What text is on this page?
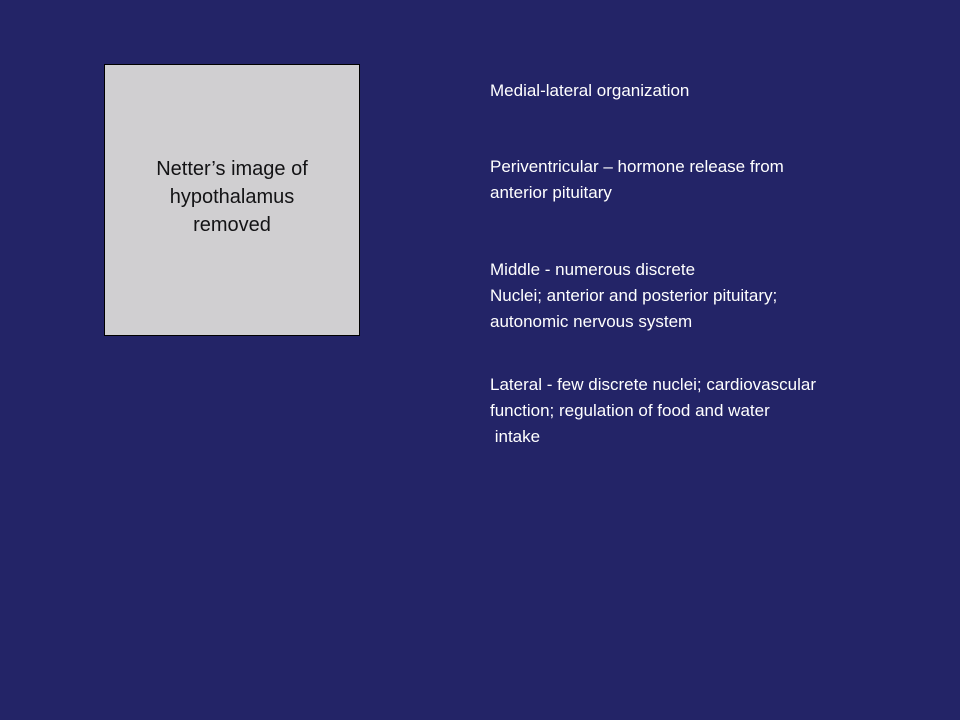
Netter’s image of hypothalamus removed
Medial-lateral organization
Periventricular – hormone release from
anterior pituitary
Middle - numerous discrete
Nuclei; anterior and posterior pituitary;
autonomic nervous system
Lateral - few discrete nuclei; cardiovascular
function; regulation of food and water
intake
